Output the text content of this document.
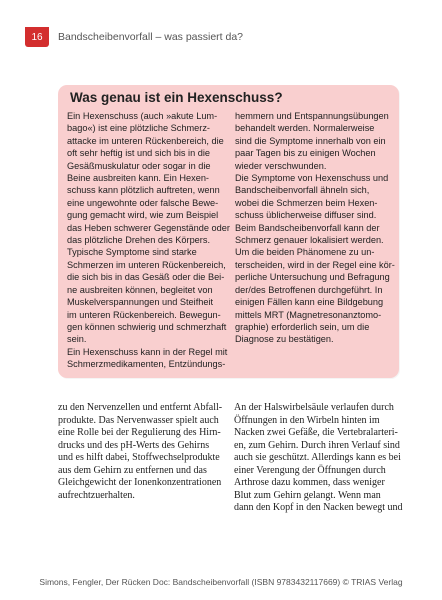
16	Bandscheibenvorfall – was passiert da?
Was genau ist ein Hexenschuss?
Ein Hexenschuss (auch »akute Lum-
bago«) ist eine plötzliche Schmerz-
attacke im unteren Rückenbereich, die
oft sehr heftig ist und sich bis in die
Gesäßmuskulatur oder sogar in die
Beine ausbreiten kann. Ein Hexen-
schuss kann plötzlich auftreten, wenn
eine ungewohnte oder falsche Bewe-
gung gemacht wird, wie zum Beispiel
das Heben schwerer Gegenstände oder
das plötzliche Drehen des Körpers.
Typische Symptome sind starke
Schmerzen im unteren Rückenbereich,
die sich bis in das Gesäß oder die Bei-
ne ausbreiten können, begleitet von
Muskelverspannungen und Steifheit
im unteren Rückenbereich. Bewegun-
gen können schwierig und schmerzhaft
sein.
Ein Hexenschuss kann in der Regel mit
Schmerzmedikamenten, Entzündungs-
hemmern und Entspannungsübungen
behandelt werden. Normalerweise
sind die Symptome innerhalb von ein
paar Tagen bis zu einigen Wochen
wieder verschwunden.
Die Symptome von Hexenschuss und
Bandscheibenvorfall ähneln sich,
wobei die Schmerzen beim Hexen-
schuss üblicherweise diffuser sind.
Beim Bandscheibenvorfall kann der
Schmerz genauer lokalisiert werden.
Um die beiden Phänomene zu un-
terscheiden, wird in der Regel eine kör-
perliche Untersuchung und Befragung
der/des Betroffenen durchgeführt. In
einigen Fällen kann eine Bildgebung
mittels MRT (Magnetresonanztomo-
graphie) erforderlich sein, um die
Diagnose zu bestätigen.
zu den Nervenzellen und entfernt Abfall-
produkte. Das Nervenwasser spielt auch
eine Rolle bei der Regulierung des Hirn-
drucks und des pH-Werts des Gehirns
und es hilft dabei, Stoffwechselprodukte
aus dem Gehirn zu entfernen und das
Gleichgewicht der Ionenkonzentrationen
aufrechtzuerhalten.
An der Halswirbelsäule verlaufen durch
Öffnungen in den Wirbeln hinten im
Nacken zwei Gefäße, die Vertebralarteri-
en, zum Gehirn. Durch ihren Verlauf sind
auch sie geschützt. Allerdings kann es bei
einer Verengung der Öffnungen durch
Arthrose dazu kommen, dass weniger
Blut zum Gehirn gelangt. Wenn man
dann den Kopf in den Nacken bewegt und
Simons, Fengler, Der Rücken Doc: Bandscheibenvorfall (ISBN 9783432117669) © TRIAS Verlag
